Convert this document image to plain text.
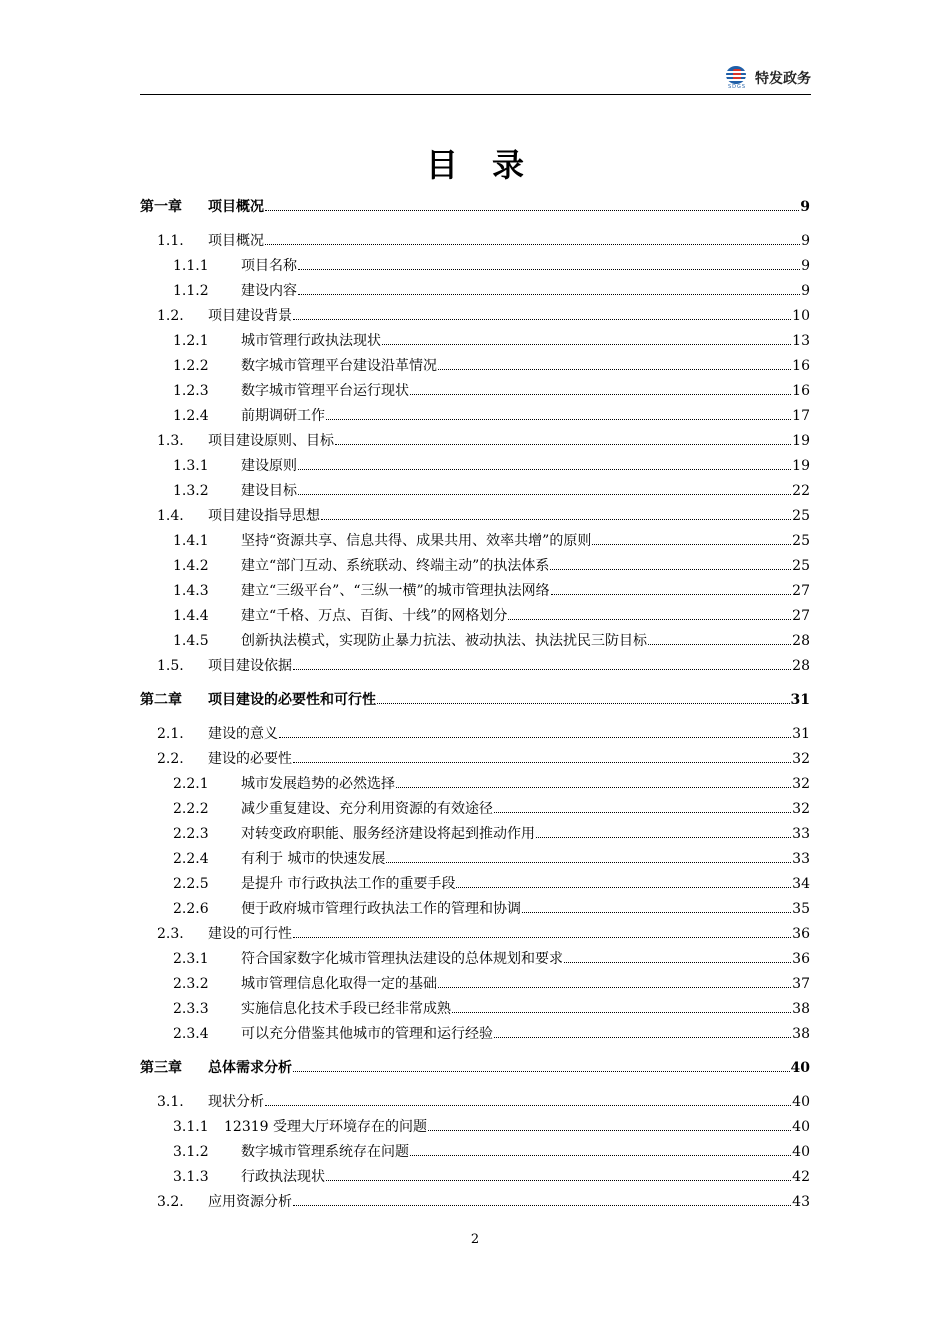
SDGS 特发政务
目录
第一章	项目概况	9
1.1.	项目概况	9
1.1.1	项目名称	9
1.1.2	建设内容	9
1.2.	项目建设背景	10
1.2.1	城市管理行政执法现状	13
1.2.2	数字城市管理平台建设沿革情况	16
1.2.3	数字城市管理平台运行现状	16
1.2.4	前期调研工作	17
1.3.	项目建设原则、目标	19
1.3.1	建设原则	19
1.3.2	建设目标	22
1.4.	项目建设指导思想	25
1.4.1	坚持“资源共享、信息共得、成果共用、效率共增”的原则	25
1.4.2	建立“部门互动、系统联动、终端主动”的执法体系	25
1.4.3	建立“三级平台”、“三纵一横”的城市管理执法网络	27
1.4.4	建立“千格、万点、百街、十线”的网格划分	27
1.4.5	创新执法模式，实现防止暴力抗法、被动执法、执法扰民三防目标	28
1.5.	项目建设依据	28
第二章	项目建设的必要性和可行性	31
2.1.	建设的意义	31
2.2.	建设的必要性	32
2.2.1	城市发展趋势的必然选择	32
2.2.2	减少重复建设、充分利用资源的有效途径	32
2.2.3	对转变政府职能、服务经济建设将起到推动作用	33
2.2.4	有利于 城市的快速发展	33
2.2.5	是提升 市行政执法工作的重要手段	34
2.2.6	便于政府城市管理行政执法工作的管理和协调	35
2.3.	建设的可行性	36
2.3.1	符合国家数字化城市管理执法建设的总体规划和要求	36
2.3.2	城市管理信息化取得一定的基础	37
2.3.3	实施信息化技术手段已经非常成熟	38
2.3.4	可以充分借鉴其他城市的管理和运行经验	38
第三章	总体需求分析	40
3.1.	现状分析	40
3.1.1	12319 受理大厅环境存在的问题	40
3.1.2	数字城市管理系统存在问题	40
3.1.3	行政执法现状	42
3.2.	应用资源分析	43
2
